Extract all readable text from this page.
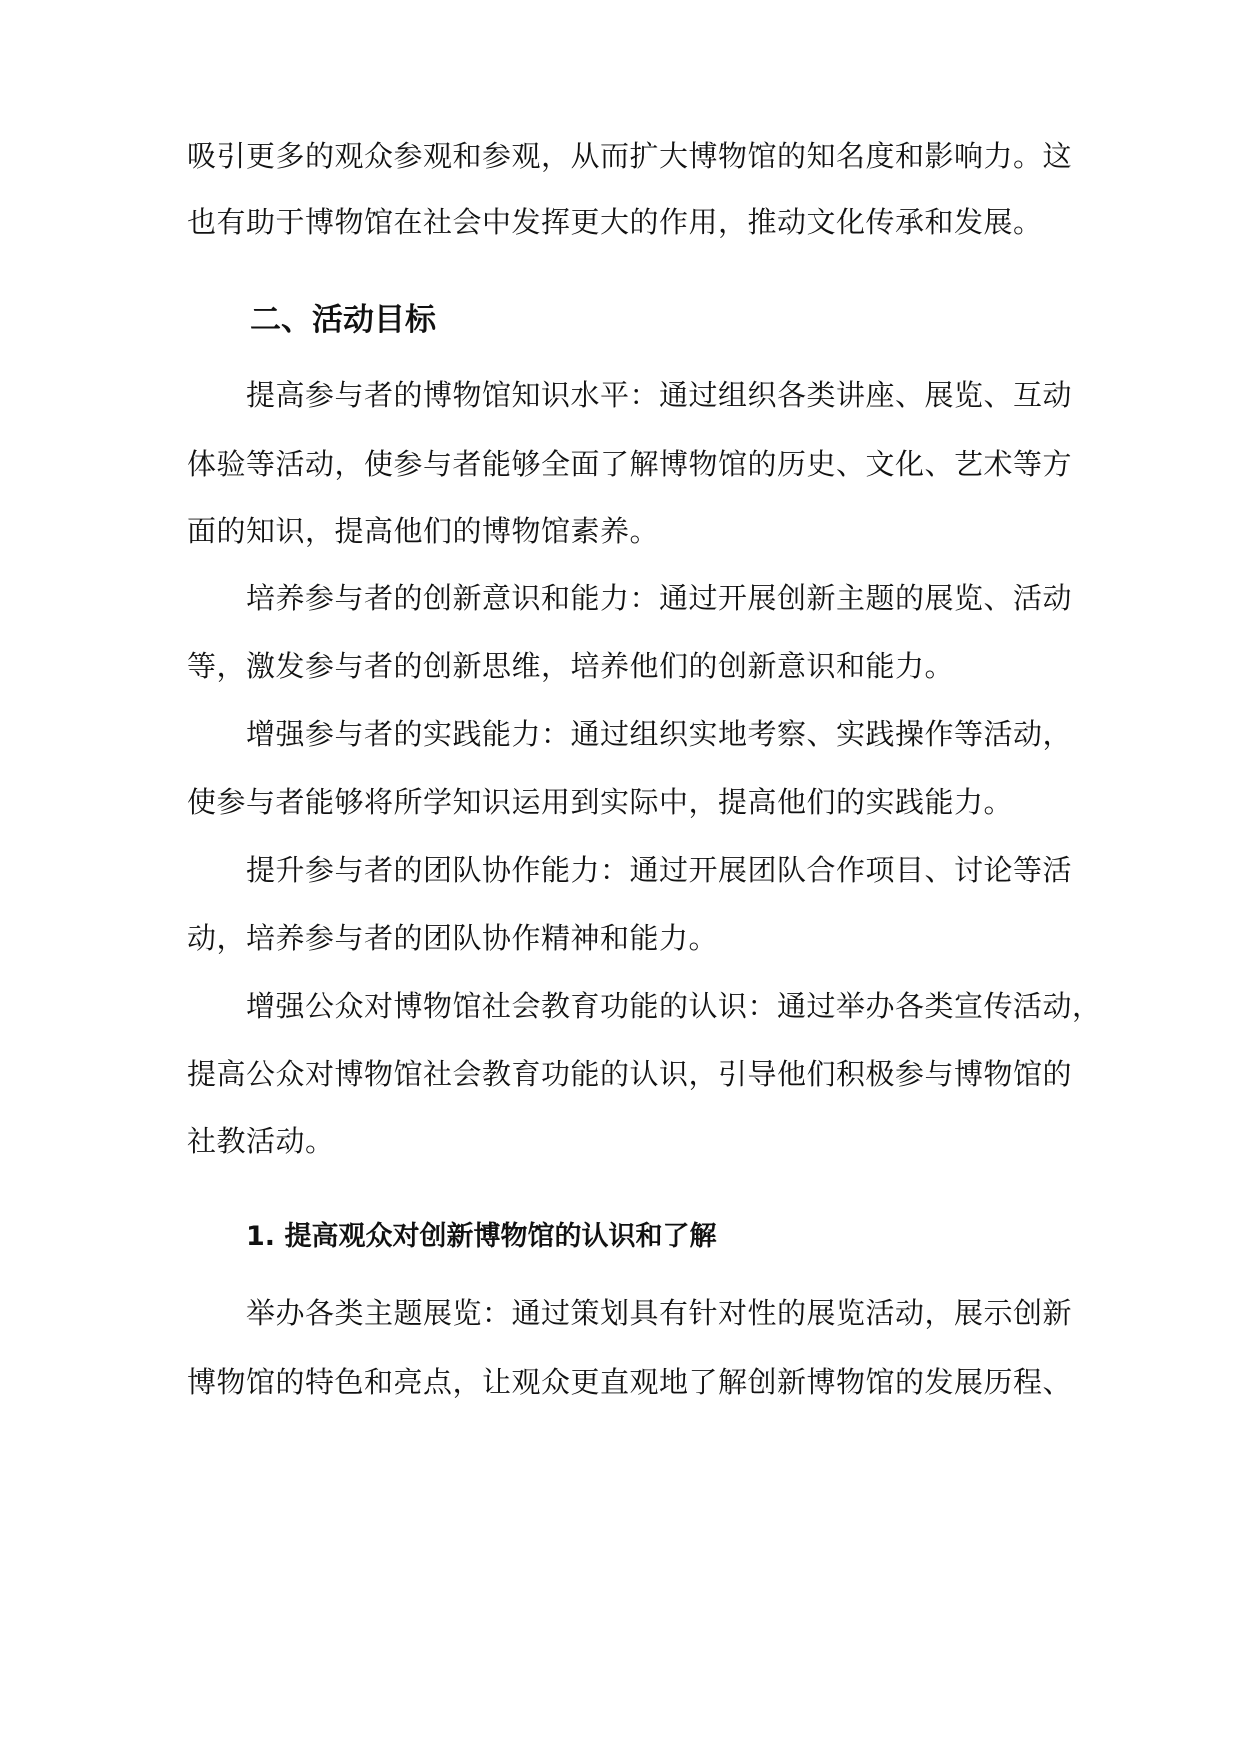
吸引更多的观众参观和参观，从而扩大博物馆的知名度和影响力。这
也有助于博物馆在社会中发挥更大的作用，推动文化传承和发展。
二、活动目标
提高参与者的博物馆知识水平：通过组织各类讲座、展览、互动
体验等活动，使参与者能够全面了解博物馆的历史、文化、艺术等方
面的知识，提高他们的博物馆素养。
培养参与者的创新意识和能力：通过开展创新主题的展览、活动
等，激发参与者的创新思维，培养他们的创新意识和能力。
增强参与者的实践能力：通过组织实地考察、实践操作等活动，
使参与者能够将所学知识运用到实际中，提高他们的实践能力。
提升参与者的团队协作能力：通过开展团队合作项目、讨论等活
动，培养参与者的团队协作精神和能力。
增强公众对博物馆社会教育功能的认识：通过举办各类宣传活动，
提高公众对博物馆社会教育功能的认识，引导他们积极参与博物馆的
社教活动。
1. 提高观众对创新博物馆的认识和了解
举办各类主题展览：通过策划具有针对性的展览活动，展示创新
博物馆的特色和亮点，让观众更直观地了解创新博物馆的发展历程、
